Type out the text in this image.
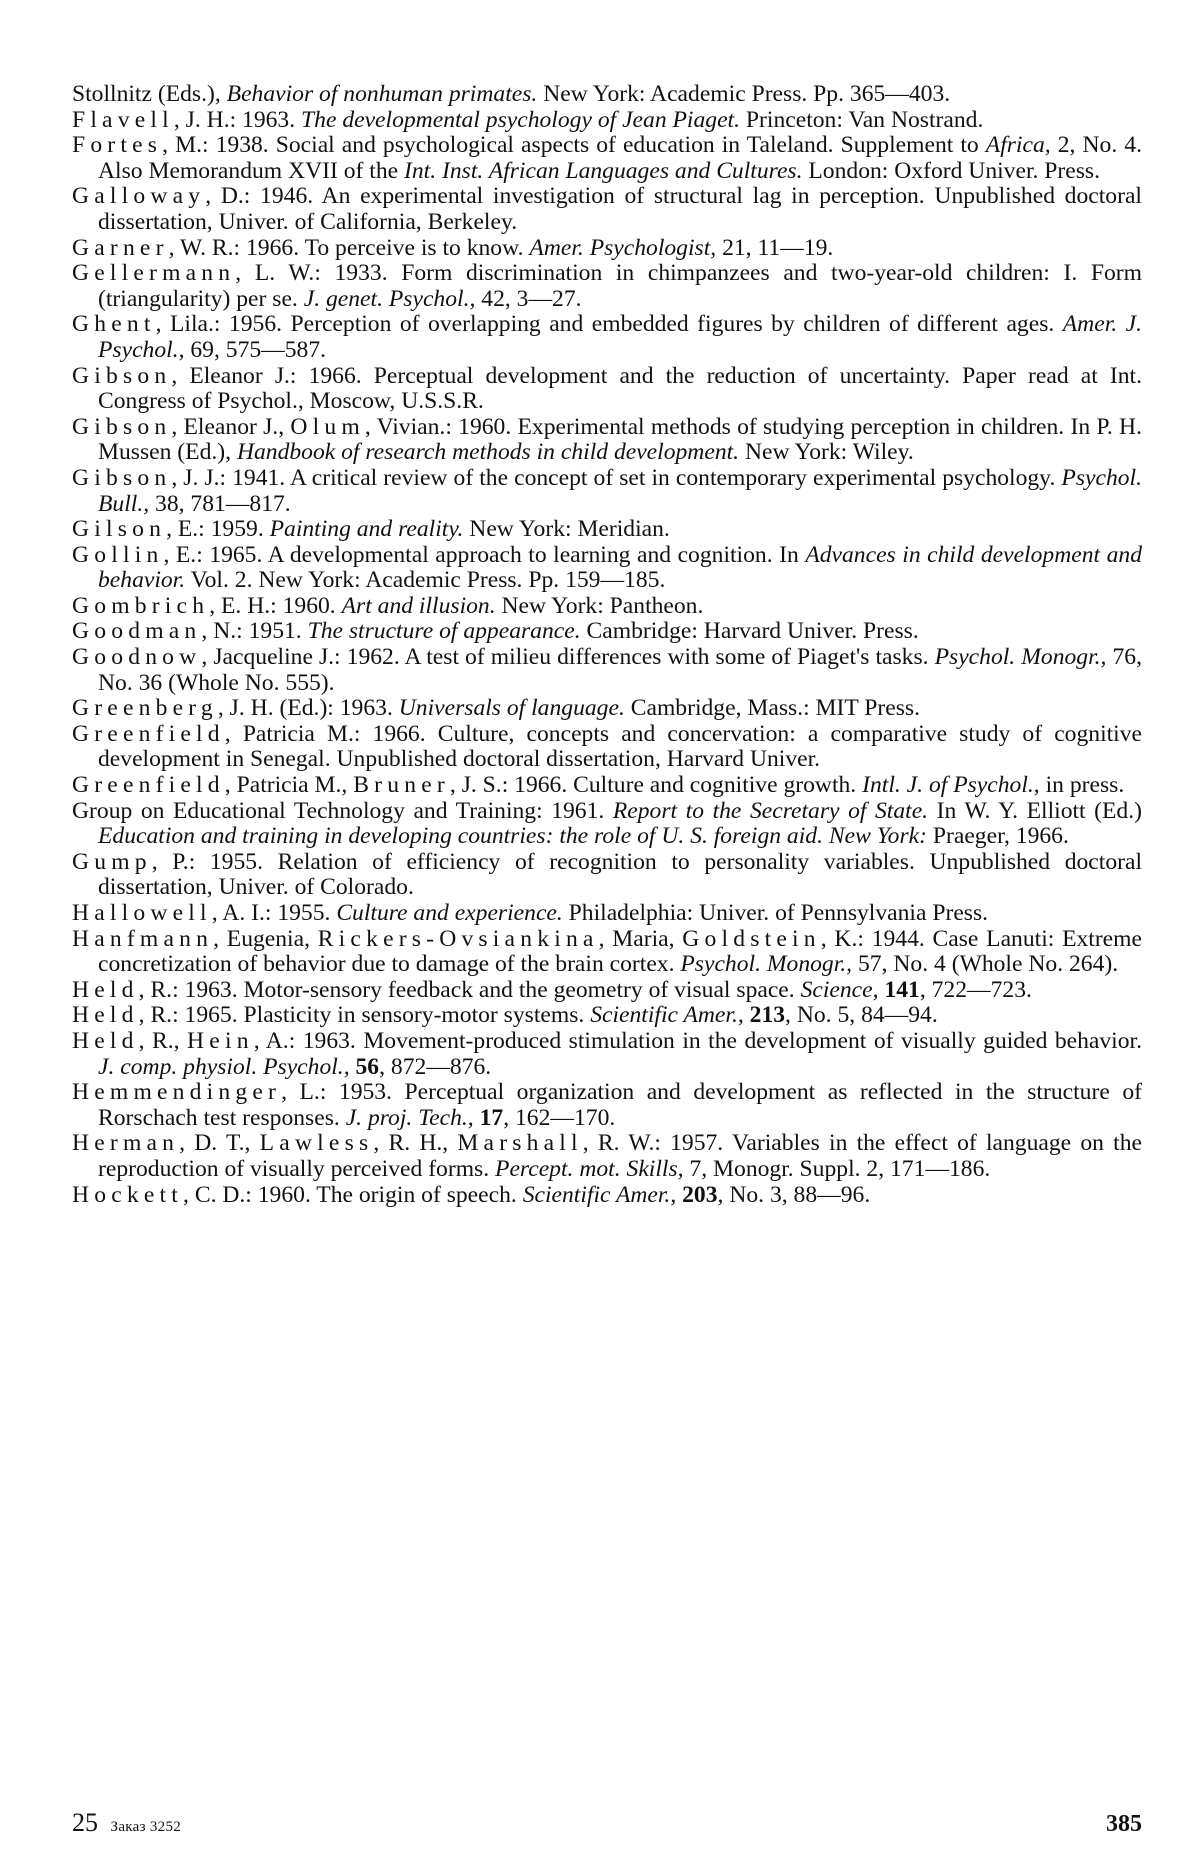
Stollnitz (Eds.), Behavior of nonhuman primates. New York: Academic Press. Pp. 365—403.
Flavell, J. H.: 1963. The developmental psychology of Jean Piaget. Princeton: Van Nostrand.
Fortes, M.: 1938. Social and psychological aspects of education in Taleland. Supplement to Africa, 2, No. 4. Also Memorandum XVII of the Int. Inst. African Languages and Cultures. London: Oxford Univer. Press.
Galloway, D.: 1946. An experimental investigation of structural lag in perception. Unpublished doctoral dissertation, Univer. of California, Berkeley.
Garner, W. R.: 1966. To perceive is to know. Amer. Psychologist, 21, 11—19.
Gellermann, L. W.: 1933. Form discrimination in chimpanzees and two-year-old children: I. Form (triangularity) per se. J. genet. Psychol., 42, 3—27.
Ghent, Lila.: 1956. Perception of overlapping and embedded figures by children of different ages. Amer. J. Psychol., 69, 575—587.
Gibson, Eleanor J.: 1966. Perceptual development and the reduction of uncertainty. Paper read at Int. Congress of Psychol., Moscow, U.S.S.R.
Gibson, Eleanor J., Olum, Vivian.: 1960. Experimental methods of studying perception in children. In P. H. Mussen (Ed.), Handbook of research methods in child development. New York: Wiley.
Gibson, J. J.: 1941. A critical review of the concept of set in contemporary experimental psychology. Psychol. Bull., 38, 781—817.
Gilson, E.: 1959. Painting and reality. New York: Meridian.
Gollin, E.: 1965. A developmental approach to learning and cognition. In Advances in child development and behavior. Vol. 2. New York: Academic Press. Pp. 159—185.
Gombrich, E. H.: 1960. Art and illusion. New York: Pantheon.
Goodman, N.: 1951. The structure of appearance. Cambridge: Harvard Univer. Press.
Goodnow, Jacqueline J.: 1962. A test of milieu differences with some of Piaget's tasks. Psychol. Monogr., 76, No. 36 (Whole No. 555).
Greenberg, J. H. (Ed.): 1963. Universals of language. Cambridge, Mass.: MIT Press.
Greenfield, Patricia M.: 1966. Culture, concepts and concervation: a comparative study of cognitive development in Senegal. Unpublished doctoral dissertation, Harvard Univer.
Greenfield, Patricia M., Bruner, J. S.: 1966. Culture and cognitive growth. Intl. J. of Psychol., in press.
Group on Educational Technology and Training: 1961. Report to the Secretary of State. In W. Y. Elliott (Ed.) Education and training in developing countries: the role of U. S. foreign aid. New York: Praeger, 1966.
Gump, P.: 1955. Relation of efficiency of recognition to personality variables. Unpublished doctoral dissertation, Univer. of Colorado.
Hallowell, A. I.: 1955. Culture and experience. Philadelphia: Univer. of Pennsylvania Press.
Hanfmann, Eugenia, Rickers-Ovsiankina, Maria, Goldstein, K.: 1944. Case Lanuti: Extreme concretization of behavior due to damage of the brain cortex. Psychol. Monogr., 57, No. 4 (Whole No. 264).
Held, R.: 1963. Motor-sensory feedback and the geometry of visual space. Science, 141, 722—723.
Held, R.: 1965. Plasticity in sensory-motor systems. Scientific Amer., 213, No. 5, 84—94.
Held, R., Hein, A.: 1963. Movement-produced stimulation in the development of visually guided behavior. J. comp. physiol. Psychol., 56, 872—876.
Hemmendinger, L.: 1953. Perceptual organization and development as reflected in the structure of Rorschach test responses. J. proj. Tech., 17, 162—170.
Herman, D. T., Lawless, R. H., Marshall, R. W.: 1957. Variables in the effect of language on the reproduction of visually perceived forms. Percept. mot. Skills, 7, Monogr. Suppl. 2, 171—186.
Hockett, C. D.: 1960. The origin of speech. Scientific Amer., 203, No. 3, 88—96.
25 Заказ 3252	385
